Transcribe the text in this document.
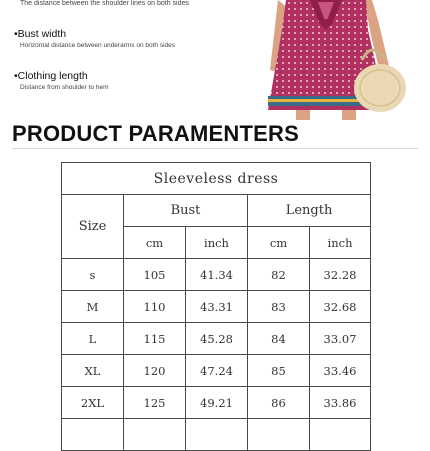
The distance between the shoulder lines on both sides
•Bust width
Horizontal distance between underarms on both sides
•Clothing length
Distance from shoulder to hem
PRODUCT PARAMENTERS
Sleeveless dress				
Size	Bust		Length	
	cm	inch	cm	inch
s	105	41.34	82	32.28
M	110	43.31	83	32.68
L	115	45.28	84	33.07
XL	120	47.24	85	33.46
2XL	125	49.21	86	33.86
